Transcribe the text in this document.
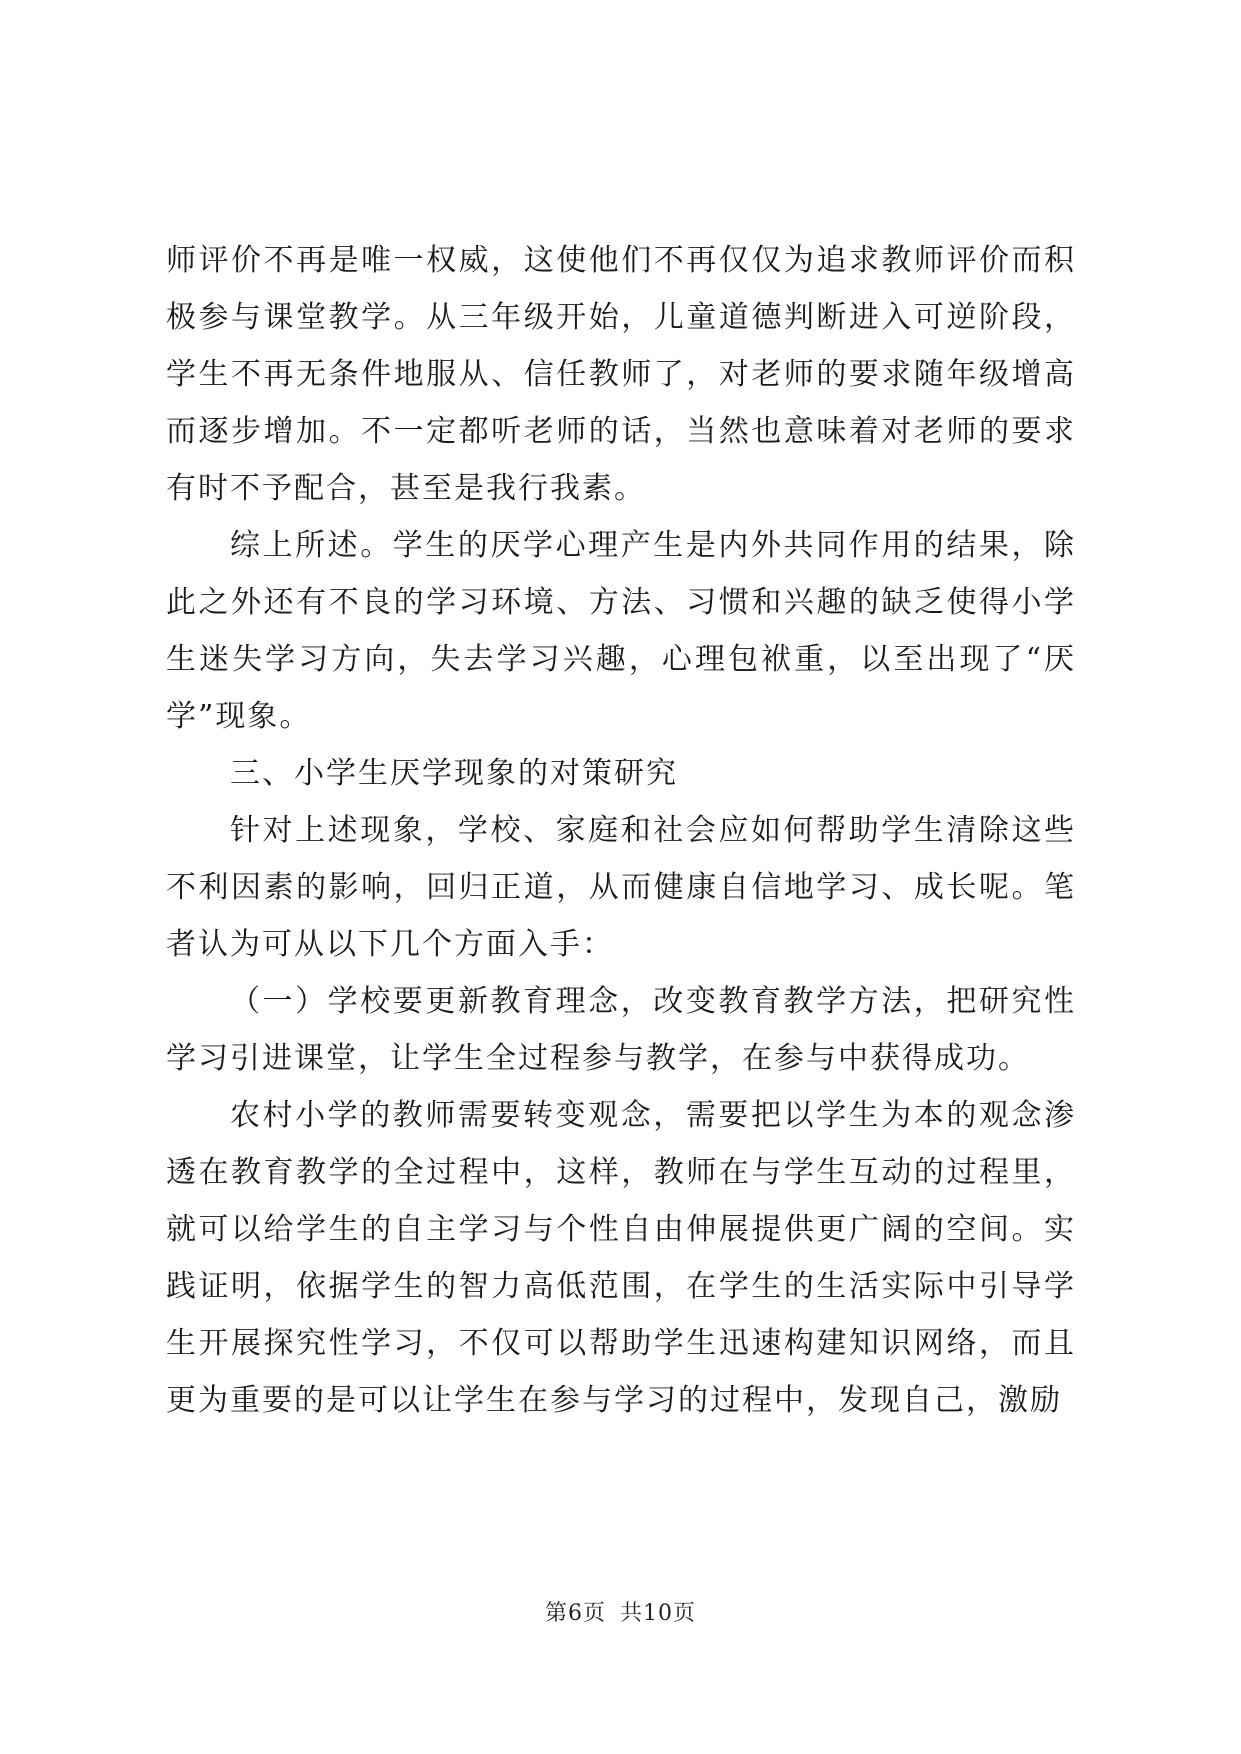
师评价不再是唯一权威，这使他们不再仅仅为追求教师评价而积极参与课堂教学。从三年级开始，儿童道德判断进入可逆阶段，学生不再无条件地服从、信任教师了，对老师的要求随年级增高而逐步增加。不一定都听老师的话，当然也意味着对老师的要求有时不予配合，甚至是我行我素。

综上所述。学生的厌学心理产生是内外共同作用的结果，除此之外还有不良的学习环境、方法、习惯和兴趣的缺乏使得小学生迷失学习方向，失去学习兴趣，心理包袱重，以至出现了“厌学”现象。

三、小学生厌学现象的对策研究

针对上述现象，学校、家庭和社会应如何帮助学生清除这些不利因素的影响，回归正道，从而健康自信地学习、成长呢。笔者认为可从以下几个方面入手：

（一）学校要更新教育理念，改变教育教学方法，把研究性学习引进课堂，让学生全过程参与教学，在参与中获得成功。

农村小学的教师需要转变观念，需要把以学生为本的观念渗透在教育教学的全过程中，这样，教师在与学生互动的过程里，就可以给学生的自主学习与个性自由伸展提供更广阔的空间。实践证明，依据学生的智力高低范围，在学生的生活实际中引导学生开展探究性学习，不仅可以帮助学生迅速构建知识网络，而且更为重要的是可以让学生在参与学习的过程中，发现自己，激励

第6页 共10页
